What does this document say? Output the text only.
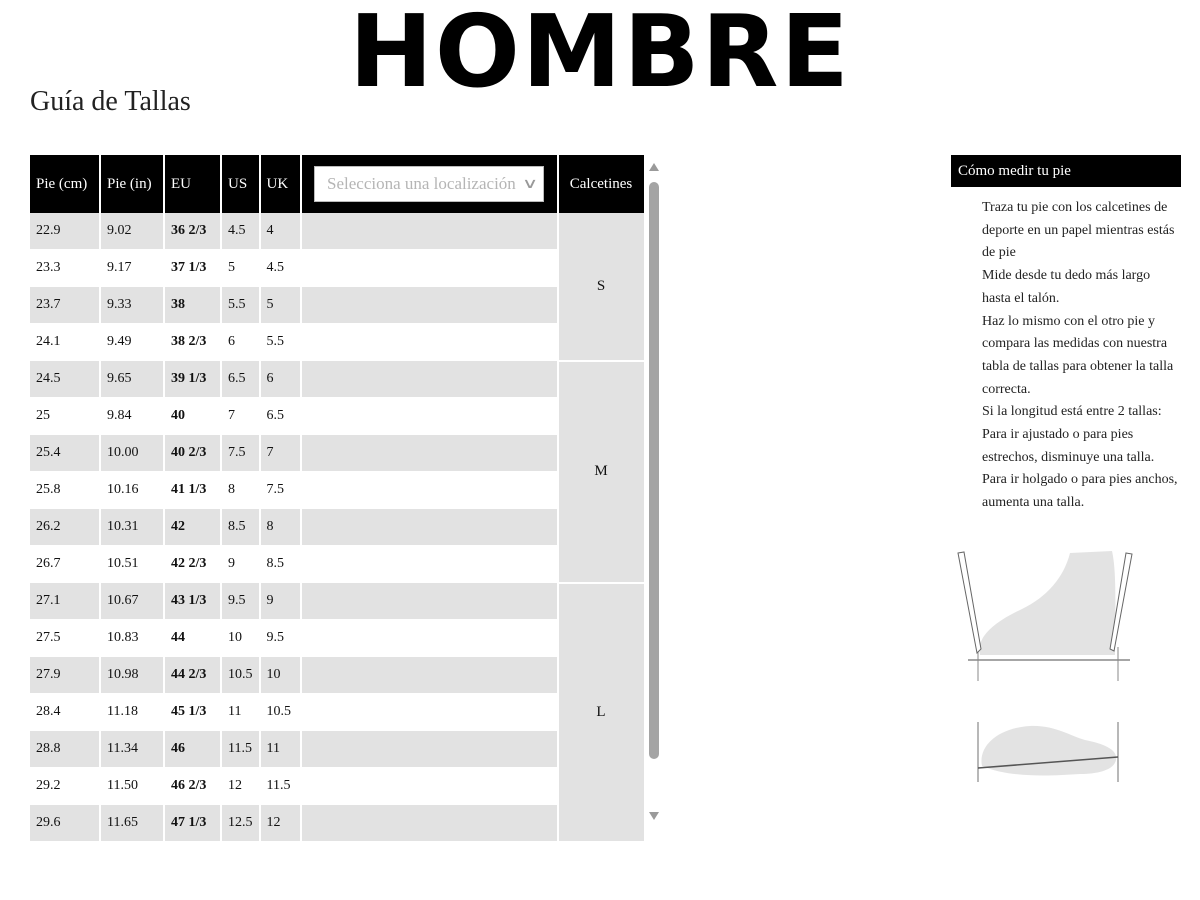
HOMBRE
Guía de Tallas
Pie (cm)	Pie (in)	EU	US	UK	Selecciona una localización ∨	Calcetines
22.9	9.02	36 2/3	4.5	4		S
23.3	9.17	37 1/3	5	4.5		
23.7	9.33	38	5.5	5		
24.1	9.49	38 2/3	6	5.5		
24.5	9.65	39 1/3	6.5	6		M
25	9.84	40	7	6.5		
25.4	10.00	40 2/3	7.5	7		
25.8	10.16	41 1/3	8	7.5		
26.2	10.31	42	8.5	8		
26.7	10.51	42 2/3	9	8.5		
27.1	10.67	43 1/3	9.5	9		L
27.5	10.83	44	10	9.5		
27.9	10.98	44 2/3	10.5	10		
28.4	11.18	45 1/3	11	10.5		
28.8	11.34	46	11.5	11		
29.2	11.50	46 2/3	12	11.5		
29.6	11.65	47 1/3	12.5	12		
Cómo medir tu pie

Traza tu pie con los calcetines de deporte en un papel mientras estás de pie

Mide desde tu dedo más largo hasta el talón.

Haz lo mismo con el otro pie y compara las medidas con nuestra tabla de tallas para obtener la talla correcta.

Si la longitud está entre 2 tallas:

Para ir ajustado o para pies estrechos, disminuye una talla.

Para ir holgado o para pies anchos, aumenta una talla.
